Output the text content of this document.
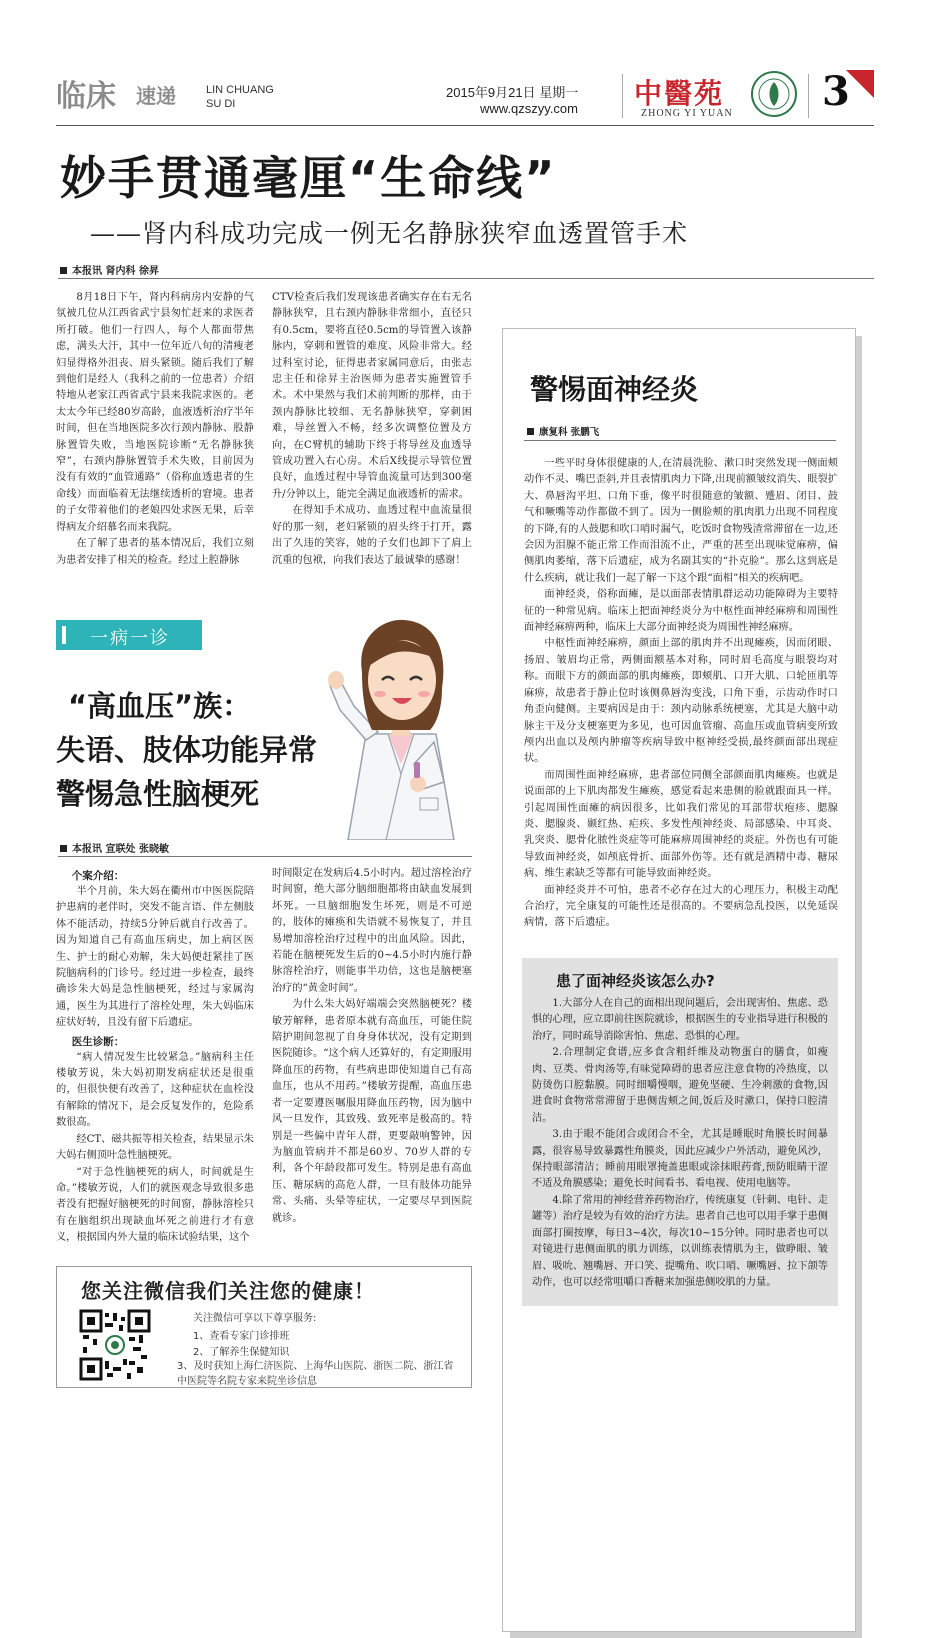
临床 速递	LIN CHUANG
SU DI
2015年9月21日 星期一
www.qzszyy.com 中醫苑
ZHONG YI YUAN 3
妙手贯通毫厘“生命线”
——肾内科成功完成一例无名静脉狭窄血透置管手术
本报讯 肾内科 徐昇

8月18日下午，肾内科病房内安静的气氛被几位从江西省武宁县匆忙赶来的求医者所打破。他们一行四人，每个人都面带焦虑，满头大汗，其中一位年近八旬的清瘦老妇显得格外沮丧、眉头紧锁。随后我们了解到他们是经人（我科之前的一位患者）介绍特地从老家江西省武宁县来我院求医的。老太太今年已经80岁高龄，血液透析治疗半年时间，但在当地医院多次行颈内静脉、股静脉置管失败，当地医院诊断“无名静脉狭窄”，右颈内静脉置管手术失败，目前因为没有有效的“血管通路”（俗称血透患者的生命线）而面临着无法继续透析的窘境。患者的子女带着他们的老娘四处求医无果，后幸得病友介绍慕名而来我院。

在了解了患者的基本情况后，我们立刻为患者安排了相关的检查。经过上腔静脉

CTV检查后我们发现该患者确实存在右无名静脉狭窄，且右颈内静脉非常细小，直径只有0.5cm，要将直径0.5cm的导管置入该静脉内，穿刺和置管的难度、风险非常大。经过科室讨论，征得患者家属同意后，由张志忠主任和徐昇主治医师为患者实施置管手术。术中果然与我们术前判断的那样，由于颈内静脉比较细、无名静脉狭窄，穿刺困难，导丝置入不畅，经多次调整位置及方向，在C臂机的辅助下终于将导丝及血透导管成功置入右心房。术后X线提示导管位置良好，血透过程中导管血流量可达到300毫升/分钟以上，能完全满足血液透析的需求。

在得知手术成功、血透过程中血流量很好的那一刻，老妇紧锁的眉头终于打开，露出了久违的笑容，她的子女们也卸下了肩上沉重的包袱，向我们表达了最诚挚的感谢！

警惕面神经炎
康复科 张鹏飞

一些平时身体很健康的人,在清晨洗脸、漱口时突然发现一侧面颊动作不灵、嘴巴歪斜,并且表情肌肉力下降,出现前额皱纹消失、眼裂扩大、鼻唇沟平坦、口角下垂，像平时很随意的皱额、蹙眉、闭目、鼓气和噘嘴等动作都做不到了。因为一侧脸颊的肌肉肌力出现不同程度的下降,有的人鼓腮和吹口哨时漏气，吃饭时食物残渣常滞留在一边,还会因为泪腺不能正常工作而泪流不止，严重的甚至出现味觉麻痹，偏侧肌肉萎缩，落下后遗症，成为名副其实的“扑克脸”。那么这到底是什么疾病，就让我们一起了解一下这个跟“面相”相关的疾病吧。

面神经炎，俗称面瘫，是以面部表情肌群运动功能障碍为主要特征的一种常见病。临床上把面神经炎分为中枢性面神经麻痹和周围性面神经麻痹两种，临床上大部分面神经炎为周围性神经麻痹。

中枢性面神经麻痹，颜面上部的肌肉并不出现瘫痪，因而闭眼、扬眉、皱眉均正常，两侧面额基本对称，同时眉毛高度与眼裂均对称。而眼下方的颜面部的肌肉瘫痪，即颊肌、口开大肌、口轮匝肌等麻痹，故患者于静止位时该侧鼻唇沟变浅，口角下垂，示齿动作时口角歪向健侧。主要病因是由于：颈内动脉系统梗塞，尤其是大脑中动脉主干及分支梗塞更为多见，也可因血管瘤、高血压或血管病变所致颅内出血以及颅内肿瘤等疾病导致中枢神经受损,最终颜面部出现症状。

而周围性面神经麻痹，患者部位同侧全部颜面肌肉瘫痪。也就是说面部的上下肌肉都发生瘫痪，感觉看起来患侧的脸就跟面具一样。引起周围性面瘫的病因很多，比如我们常见的耳部带状疱疹、腮腺炎、腮腺炎、颞红热、疟疾、多发性颅神经炎、局部感染、中耳炎、乳突炎、腮骨化脓性炎症等可能麻痹周围神经的炎症。外伤也有可能导致面神经炎，如颅底骨折、面部外伤等。还有就是酒精中毒、糖尿病、维生素缺乏等都有可能导致面神经炎。

面神经炎并不可怕，患者不必存在过大的心理压力，积极主动配合治疗，完全康复的可能性还是很高的。不要病急乱投医，以免延误病情，落下后遗症。

患了面神经炎该怎么办?

1.大部分人在自己的面相出现问题后，会出现害怕、焦虑、恐惧的心理，应立即前往医院就诊，根据医生的专业指导进行积极的治疗，同时疏导消除害怕、焦虑、恐惧的心理。

2.合理制定食谱,应多食含粗纤维及动物蛋白的膳食，如瘦肉、豆类、骨肉汤等,有味觉障碍的患者应注意食物的冷热度，以防烫伤口腔黏膜。同时细嚼慢咽，避免坚硬、生冷刺激的食物,因进食时食物常常滞留于患侧齿颊之间,饭后及时漱口，保持口腔清洁。

3.由于眼不能闭合或闭合不全，尤其是睡眠时角膜长时间暴露，很容易导致暴露性角膜炎，因此应减少户外活动，避免风沙，保持眼部清洁；睡前用眼罩掩盖患眼或涂抹眼药膏,预防眼睛干涩不适及角膜感染；避免长时间看书、看电视、使用电脑等。

4.除了常用的神经营养药物治疗，传统康复（针刺、电针、走罐等）治疗是较为有效的治疗方法。患者自己也可以用手掌于患侧面部打圈按摩，每日3~4次，每次10~15分钟。同时患者也可以对镜进行患侧面肌的肌力训练，以训练表情肌为主，做睁眼、皱眉、吸吮、翘嘴唇、开口笑、提嘴角、吹口哨、噘嘴唇、拉下颌等动作，也可以经常咀嚼口香糖来加强患侧咬肌的力量。

一病一诊
“高血压”族：
失语、肢体功能异常
警惕急性脑梗死
本报讯 宣联处 张晓敏
个案介绍：

半个月前，朱大妈在衢州市中医医院陪护患病的老伴时，突发不能言语、伴左侧肢体不能活动，持续5分钟后就自行改善了。因为知道自己有高血压病史，加上病区医生、护士的耐心劝解，朱大妈便赶紧挂了医院脑病科的门诊号。经过进一步检查，最终确诊朱大妈是急性脑梗死，经过与家属沟通，医生为其进行了溶栓处理，朱大妈临床症状好转，且没有留下后遗症。

医生诊断：

“病人情况发生比较紧急。”脑病科主任楼敏芳说，朱大妈初期发病症状还是很重的，但很快便有改善了，这种症状在血栓没有解除的情况下，是会反复发作的，危险系数很高。

经CT、磁共振等相关检查，结果显示朱大妈右侧顶叶急性脑梗死。

“对于急性脑梗死的病人，时间就是生命。”楼敏芳说，人们的就医观念导致很多患者没有把握好脑梗死的时间窗，静脉溶栓只有在脑组织出现缺血坏死之前进行才有意义，根据国内外大量的临床试验结果，这个

时间限定在发病后4.5小时内。超过溶栓治疗时间窗，绝大部分脑细胞都将由缺血发展到坏死。一旦脑细胞发生坏死，则是不可逆的，肢体的瘫痪和失语就不易恢复了，并且易增加溶栓治疗过程中的出血风险。因此，若能在脑梗死发生后的0~4.5小时内施行静脉溶栓治疗，则能事半功倍，这也是脑梗塞治疗的“黄金时间”。

为什么朱大妈好端端会突然脑梗死？楼敏芳解释，患者原本就有高血压，可能住院陪护期间忽视了自身身体状况，没有定期到医院随诊。“这个病人还算好的，有定期服用降血压的药物，有些病患即使知道自己有高血压，也从不用药。”楼敏芳提醒，高血压患者一定要遵医嘱服用降血压药物，因为脑中风一旦发作，其致残、致死率是极高的。特别是一些偏中青年人群，更要敲响警钟，因为脑血管病并不都是60岁、70岁人群的专利，各个年龄段都可发生。特别是患有高血压、糖尿病的高危人群，一旦有肢体功能异常、头痛、头晕等症状，一定要尽早到医院就诊。

您关注微信我们关注您的健康！
关注微信可享以下尊享服务:
1、查看专家门诊排班
2、了解养生保健知识
3、及时获知上海仁济医院、上海华山医院、浙医二院、浙江省中医院等名院专家来院坐诊信息
